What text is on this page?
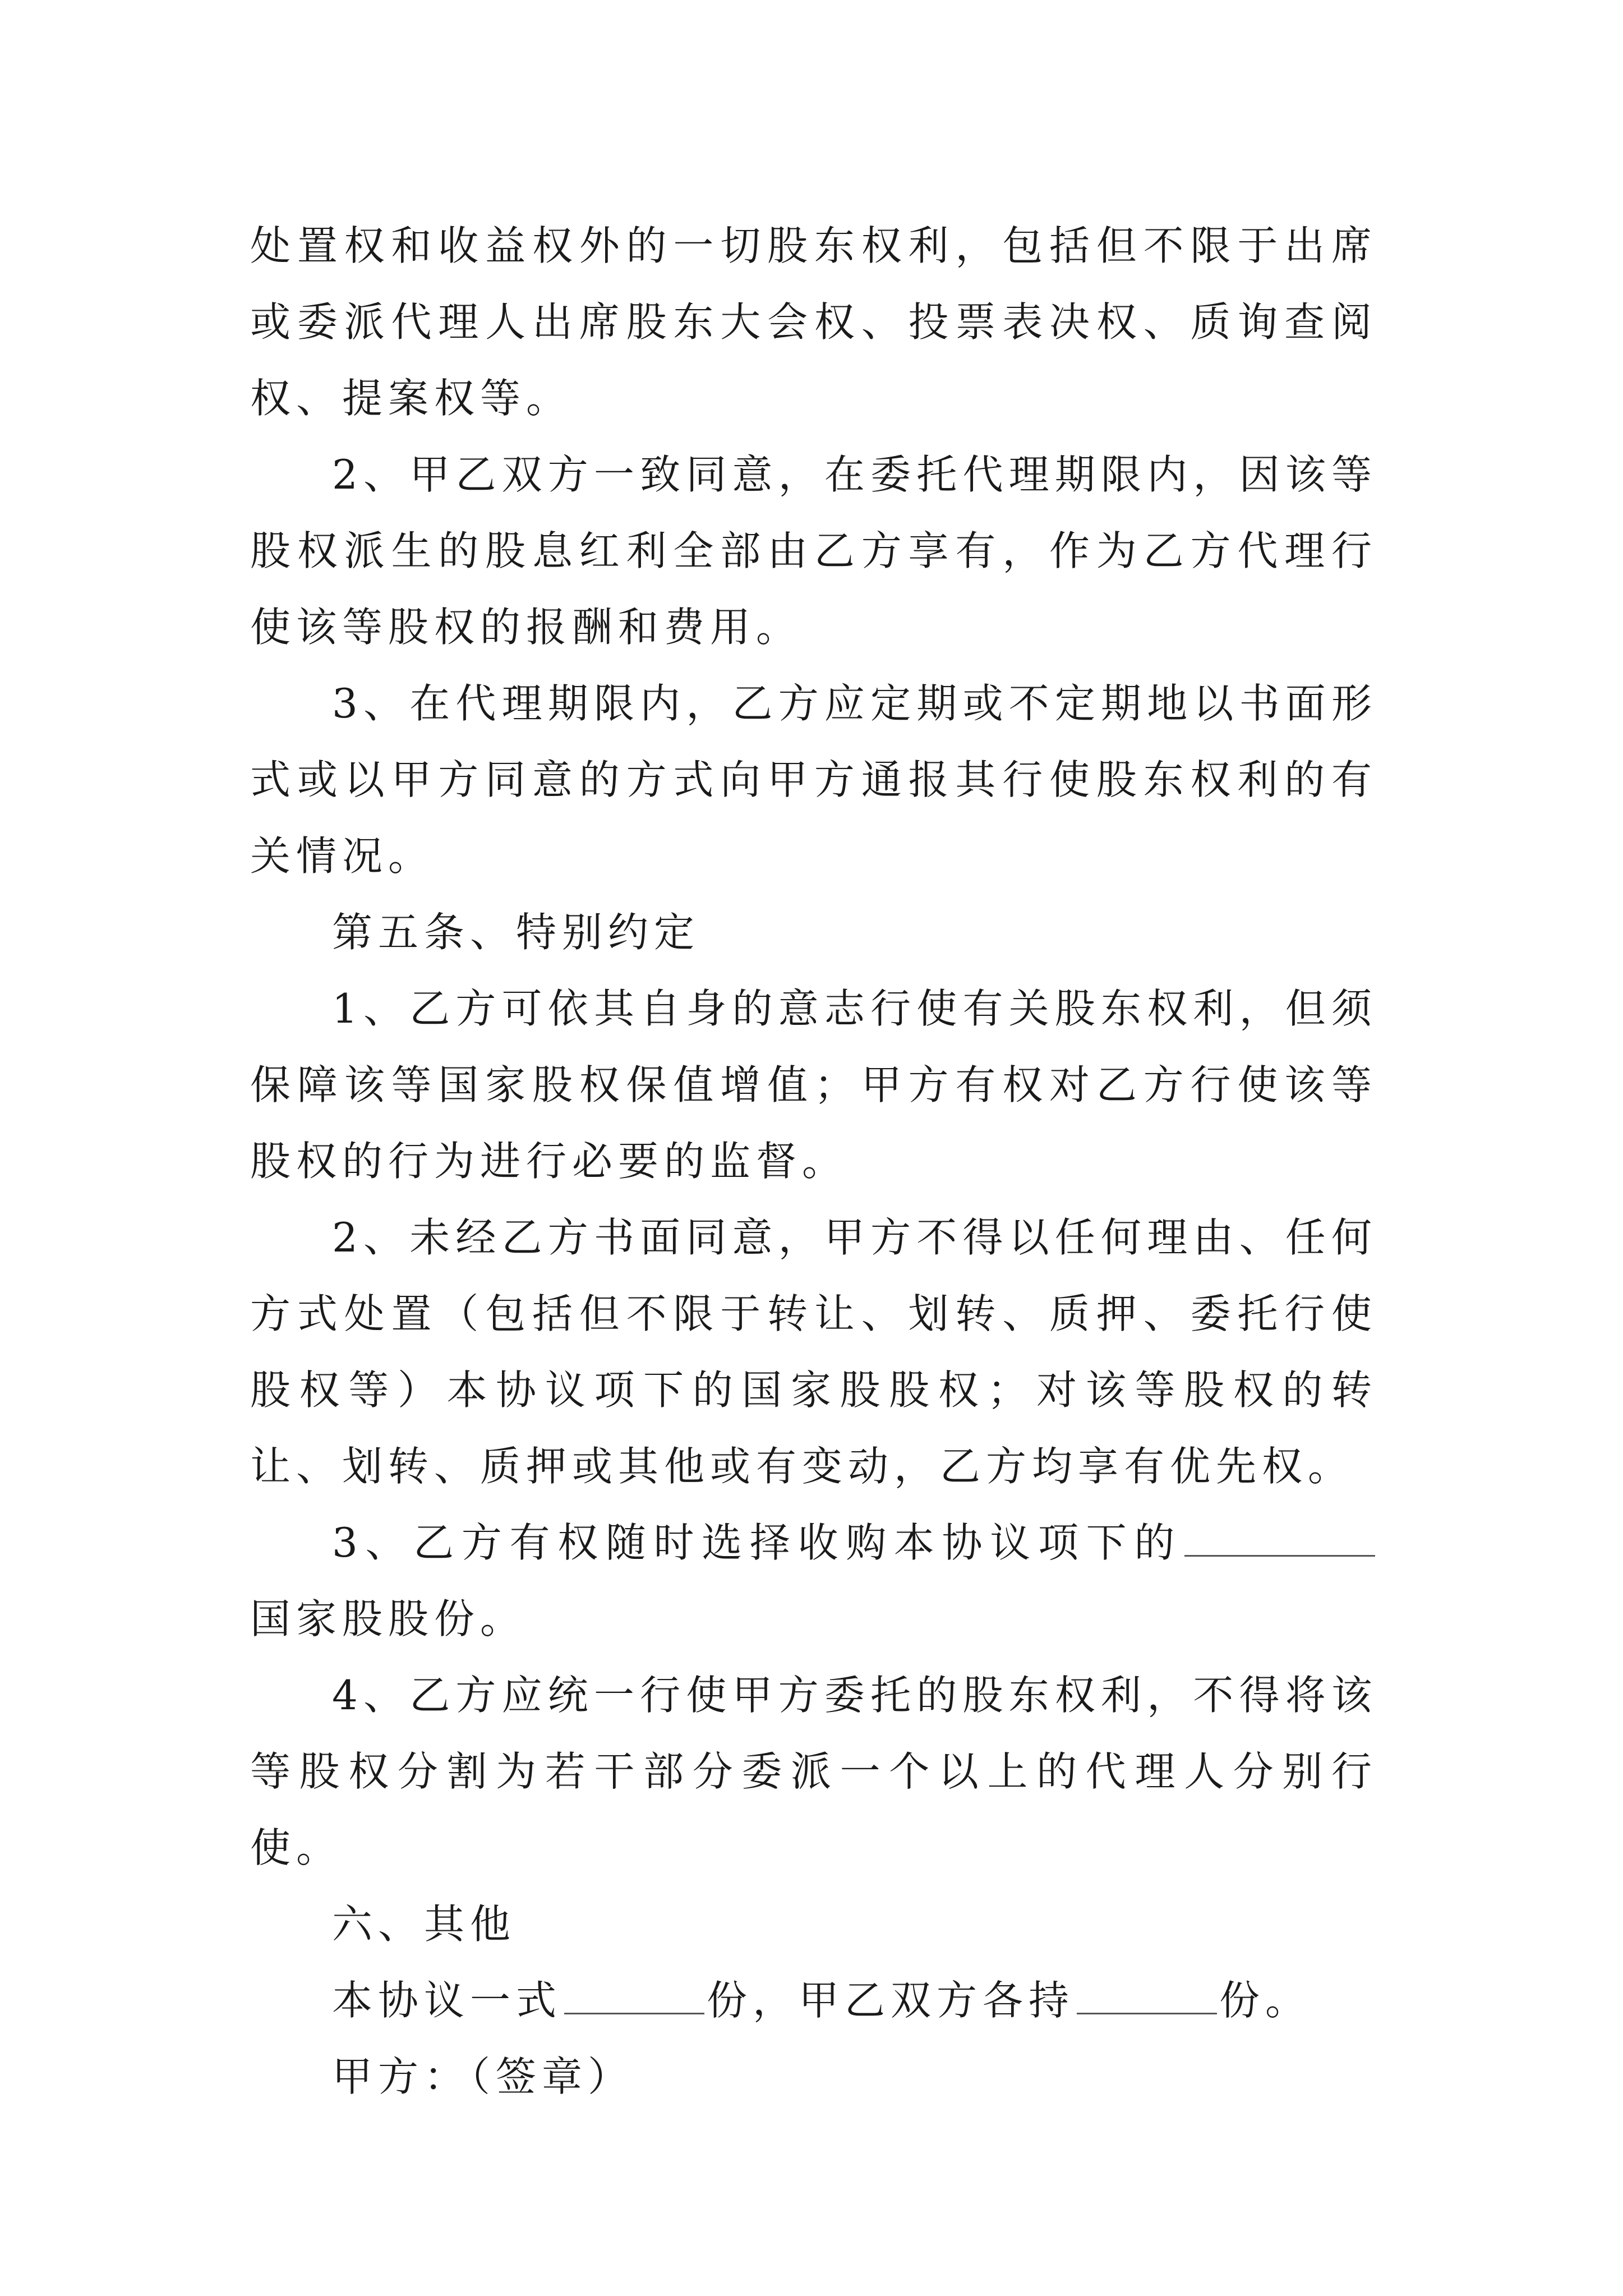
处置权和收益权外的一切股东权利，包括但不限于出席或委派代理人出席股东大会权、投票表决权、质询查阅权、提案权等。

2、甲乙双方一致同意，在委托代理期限内，因该等股权派生的股息红利全部由乙方享有，作为乙方代理行使该等股权的报酬和费用。

3、在代理期限内，乙方应定期或不定期地以书面形式或以甲方同意的方式向甲方通报其行使股东权利的有关情况。

第五条、特别约定

1、乙方可依其自身的意志行使有关股东权利，但须保障该等国家股权保值增值；甲方有权对乙方行使该等股权的行为进行必要的监督。

2、未经乙方书面同意，甲方不得以任何理由、任何方式处置（包括但不限于转让、划转、质押、委托行使股权等）本协议项下的国家股股权；对该等股权的转让、划转、质押或其他或有变动，乙方均享有优先权。

3、乙方有权随时选择收购本协议项下的国家股股份。

4、乙方应统一行使甲方委托的股东权利，不得将该等股权分割为若干部分委派一个以上的代理人分别行使。

六、其他

本协议一式	份，甲乙双方各持	份。

甲方：（签章）
